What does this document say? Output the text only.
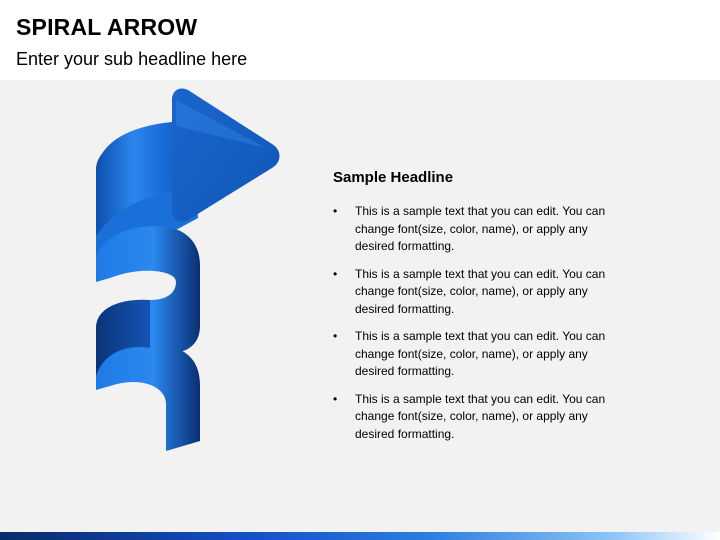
SPIRAL ARROW
Enter your sub headline here
Sample Headline
• This is a sample text that you can edit. You can change font(size, color, name), or apply any desired formatting.
• This is a sample text that you can edit. You can change font(size, color, name), or apply any desired formatting.
• This is a sample text that you can edit. You can change font(size, color, name), or apply any desired formatting.
• This is a sample text that you can edit. You can change font(size, color, name), or apply any desired formatting.
